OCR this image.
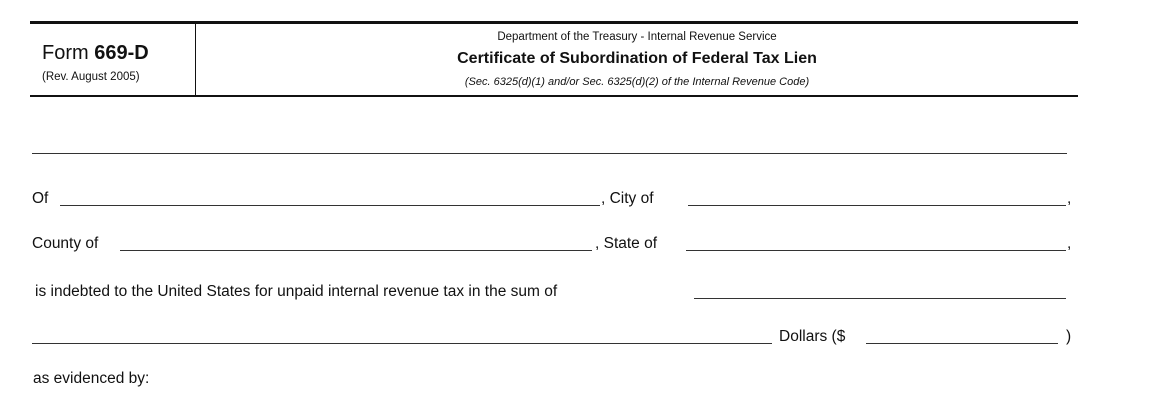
Form 669-D
(Rev. August 2005)
Department of the Treasury - Internal Revenue Service
Certificate of Subordination of Federal Tax Lien
(Sec. 6325(d)(1) and/or Sec. 6325(d)(2) of the Internal Revenue Code)
Of	, City of	,
County of	, State of	,
is indebted to the United States for unpaid internal revenue tax in the sum of
Dollars ($	)
as evidenced by:
